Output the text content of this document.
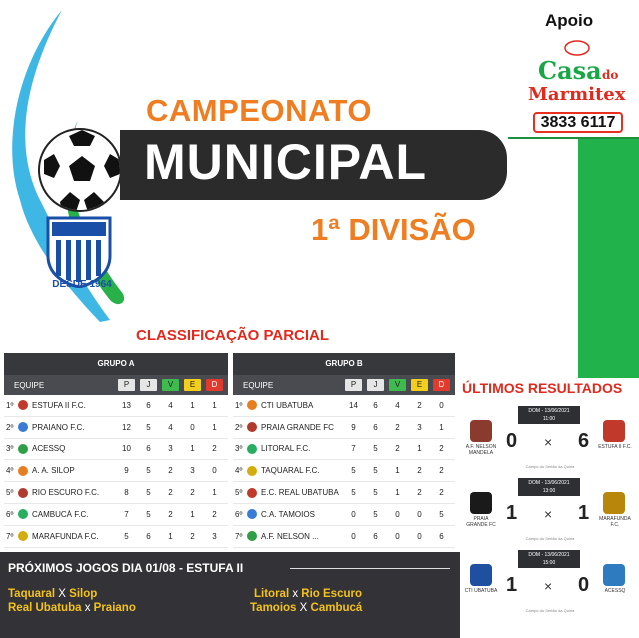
DESDE 1964
CAMPEONATO
MUNICIPAL
1ª DIVISÃO
Apoio
Casa do
Marmitex
3833 6117
CLASSIFICAÇÃO PARCIAL
GRUPO A
EQUIPE	P	J	V	E	D
1º	ESTUFA II F.C.	13	6	4	1	1
2º	PRAIANO F.C.	12	5	4	0	1
3º	ACESSQ	10	6	3	1	2
4º	A. A. SILOP	9	5	2	3	0
5º	RIO ESCURO F.C.	8	5	2	2	1
6º	CAMBUCÁ F.C.	7	5	2	1	2
7º	MARAFUNDA F.C.	5	6	1	2	3
GRUPO B
EQUIPE	P	J	V	E	D
1º	CTI UBATUBA	14	6	4	2	0
2º	PRAIA GRANDE FC	9	6	2	3	1
3º	LITORAL F.C.	7	5	2	1	2
4º	TAQUARAL F.C.	5	5	1	2	2
5º	E.C. REAL UBATUBA	5	5	1	2	2
6º	C.A. TAMOIOS	0	5	0	0	5
7º	A.F. NELSON ...	0	6	0	0	6
ÚLTIMOS RESULTADOS
DOM - 13/06/2021
11:00
0 × 6
A.F. NELSON MANDELA
ESTUFA II F.C.
Campo do Sertão da Quina
DOM - 13/06/2021
13:00
1 × 1
PRAIA GRANDE FC
MARAFUNDA F.C.
Campo do Sertão da Quina
DOM - 13/06/2021
15:00
1 × 0
CTI UBATUBA	ACESSQ
Campo do Sertão da Quina
PRÓXIMOS JOGOS DIA 01/08 - ESTUFA II
Taquaral X Silop
Real Ubatuba x Praiano
Litoral x Rio Escuro
Tamoios X Cambucá
